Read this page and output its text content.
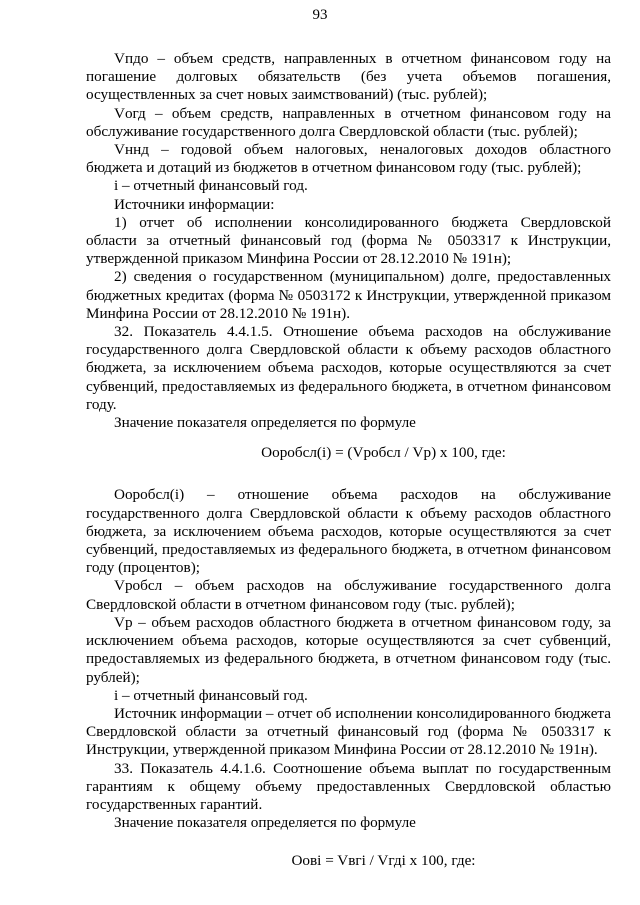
93

Vпдо – объем средств, направленных в отчетном финансовом году на погашение долговых обязательств (без учета объемов погашения, осуществленных за счет новых заимствований) (тыс. рублей);

Vогд – объем средств, направленных в отчетном финансовом году на обслуживание государственного долга Свердловской области (тыс. рублей);

Vннд – годовой объем налоговых, неналоговых доходов областного бюджета и дотаций из бюджетов в отчетном финансовом году (тыс. рублей);

i – отчетный финансовый год.

Источники информации:

1) отчет об исполнении консолидированного бюджета Свердловской области за отчетный финансовый год (форма № 0503317 к Инструкции, утвержденной приказом Минфина России от 28.12.2010 № 191н);

2) сведения о государственном (муниципальном) долге, предоставленных бюджетных кредитах (форма № 0503172 к Инструкции, утвержденной приказом Минфина России от 28.12.2010 № 191н).

32. Показатель 4.4.1.5. Отношение объема расходов на обслуживание государственного долга Свердловской области к объему расходов областного бюджета, за исключением объема расходов, которые осуществляются за счет субвенций, предоставляемых из федерального бюджета, в отчетном финансовом году.

Значение показателя определяется по формуле

Оорoбсл(i) = (Vробсл / Vр) х 100, где:

Оорoбсл(i) – отношение объема расходов на обслуживание государственного долга Свердловской области к объему расходов областного бюджета, за исключением объема расходов, которые осуществляются за счет субвенций, предоставляемых из федерального бюджета, в отчетном финансовом году (процентов);

Vробсл – объем расходов на обслуживание государственного долга Свердловской области в отчетном финансовом году (тыс. рублей);

Vр – объем расходов областного бюджета в отчетном финансовом году, за исключением объема расходов, которые осуществляются за счет субвенций, предоставляемых из федерального бюджета, в отчетном финансовом году (тыс. рублей);

i – отчетный финансовый год.

Источник информации – отчет об исполнении консолидированного бюджета Свердловской области за отчетный финансовый год (форма № 0503317 к Инструкции, утвержденной приказом Минфина России от 28.12.2010 № 191н).

33. Показатель 4.4.1.6. Соотношение объема выплат по государственным гарантиям к общему объему предоставленных Свердловской областью государственных гарантий.

Значение показателя определяется по формуле

Оовi = Vвгi / Vгдi х 100, где:
